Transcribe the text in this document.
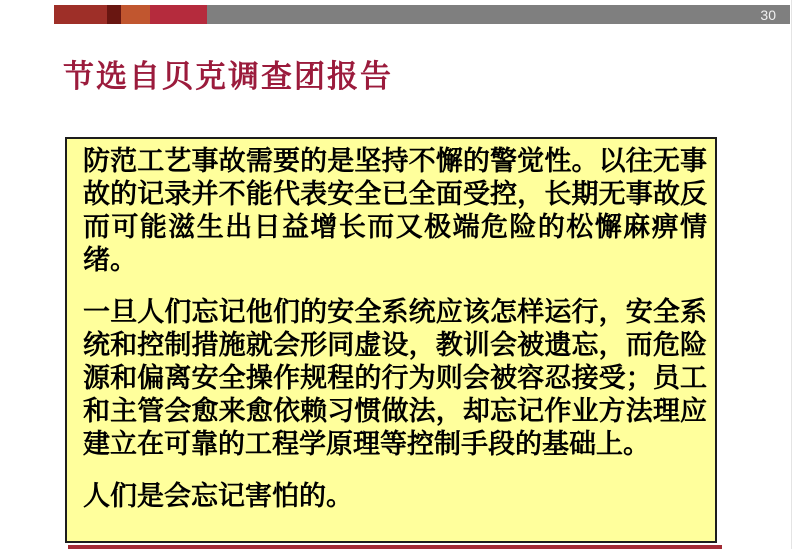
30
节选自贝克调查团报告

防范工艺事故需要的是坚持不懈的警觉性。以往无事故的记录并不能代表安全已全面受控，长期无事故反而可能滋生出日益增长而又极端危险的松懈麻痹情绪。

一旦人们忘记他们的安全系统应该怎样运行，安全系统和控制措施就会形同虚设，教训会被遗忘，而危险源和偏离安全操作规程的行为则会被容忍接受；员工和主管会愈来愈依赖习惯做法，却忘记作业方法理应建立在可靠的工程学原理等控制手段的基础上。

人们是会忘记害怕的。
